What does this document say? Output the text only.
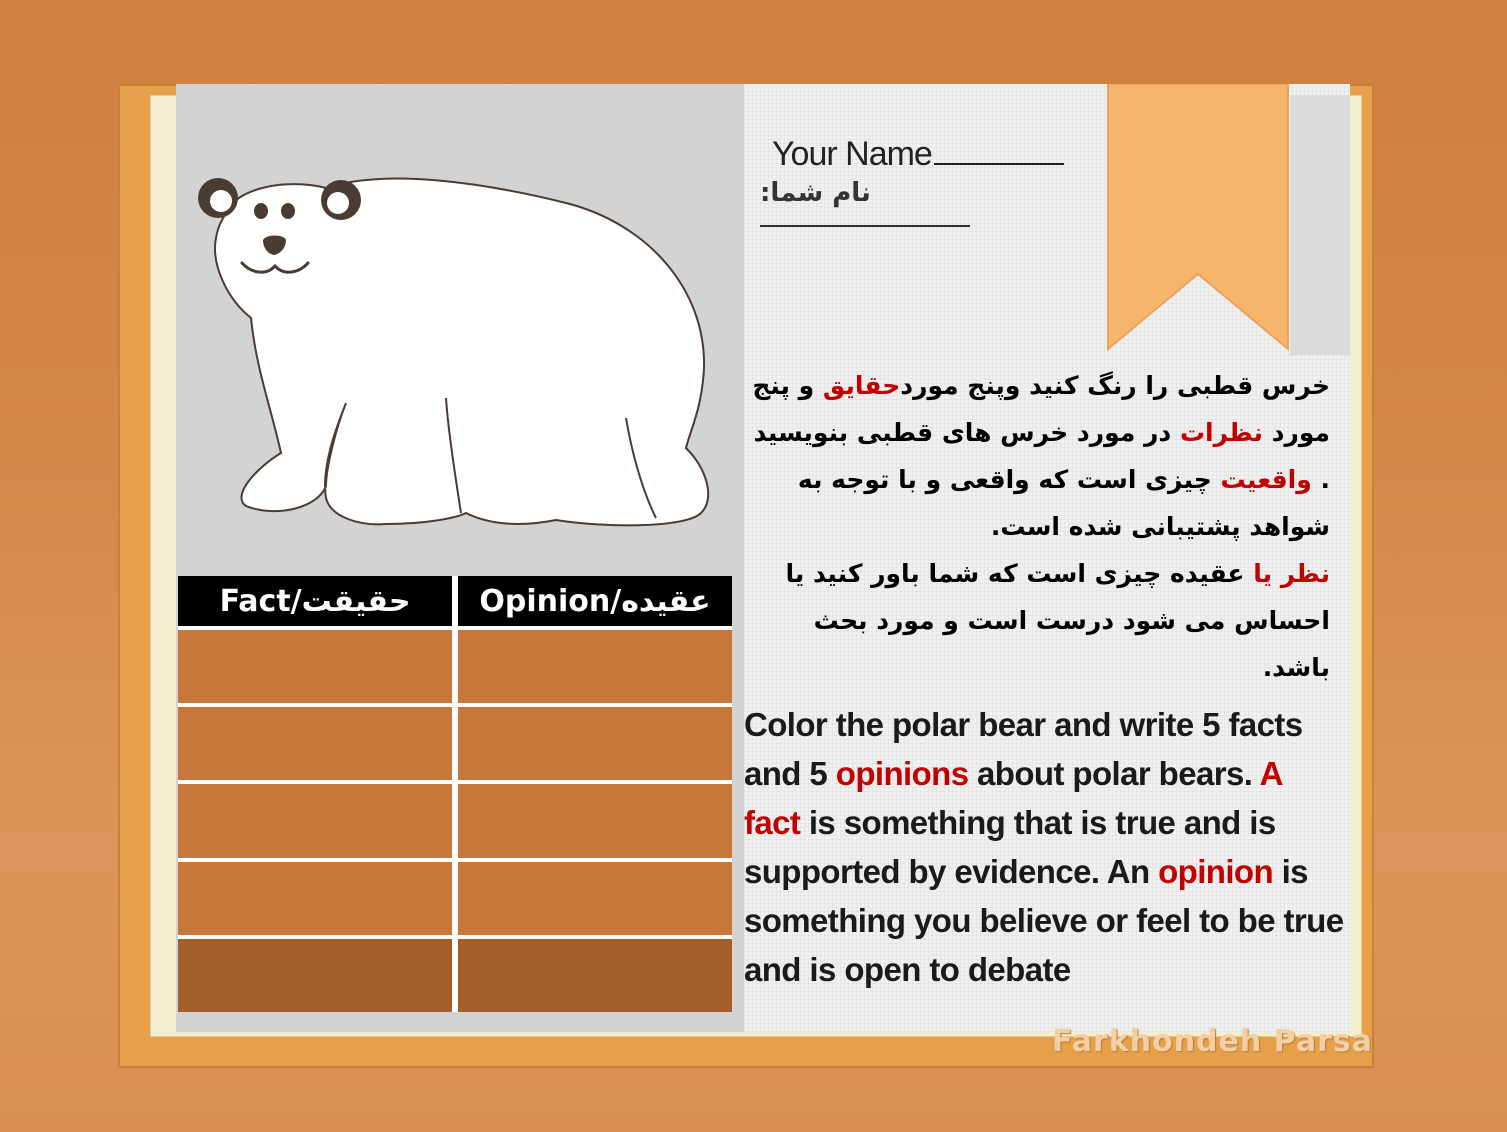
Fact/حقیقت	Opinion/عقیده
Your Name
نام شما:
خرس قطبی را رنگ کنید وپنج موردحقایق و پنج مورد نظرات در مورد خرس های قطبی بنویسید . واقعیت چیزی است که واقعی و با توجه به شواهد پشتیبانی شده است.
نظر یا عقیده چیزی است که شما باور کنید یا احساس می شود درست است و مورد بحث باشد.
Color the polar bear and write 5 facts and 5 opinions about polar bears. A fact is something that is true and is supported by evidence. An opinion is something you believe or feel to be true and is open to debate
Farkhondeh Parsa
